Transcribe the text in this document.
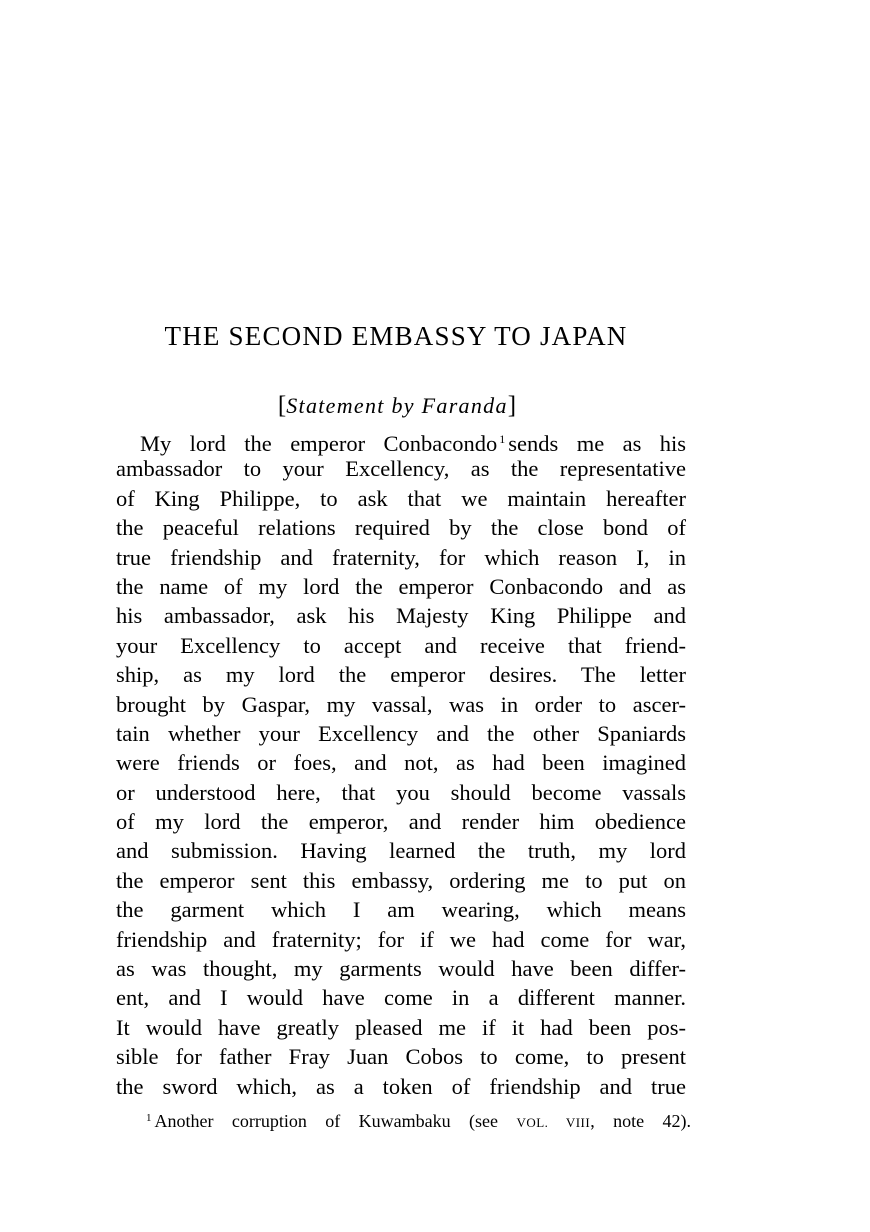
THE SECOND EMBASSY TO JAPAN
[Statement by Faranda]
My lord the emperor Conbacondo $^1$ sends me as his
ambassador to your Excellency, as the representative
of King Philippe, to ask that we maintain hereafter
the peaceful relations required by the close bond of
true friendship and fraternity, for which reason I, in
the name of my lord the emperor Conbacondo and as
his ambassador, ask his Majesty King Philippe and
your Excellency to accept and receive that friend-
ship, as my lord the emperor desires. The letter
brought by Gaspar, my vassal, was in order to ascer-
tain whether your Excellency and the other Spaniards
were friends or foes, and not, as had been imagined
or understood here, that you should become vassals
of my lord the emperor, and render him obedience
and submission. Having learned the truth, my lord
the emperor sent this embassy, ordering me to put on
the garment which I am wearing, which means
friendship and fraternity; for if we had come for war,
as was thought, my garments would have been differ-
ent, and I would have come in a different manner.
It would have greatly pleased me if it had been pos-
sible for father Fray Juan Cobos to come, to present
the sword which, as a token of friendship and true
$^1$ Another corruption of Kuwambaku (see VOL. VIII, note 42).
